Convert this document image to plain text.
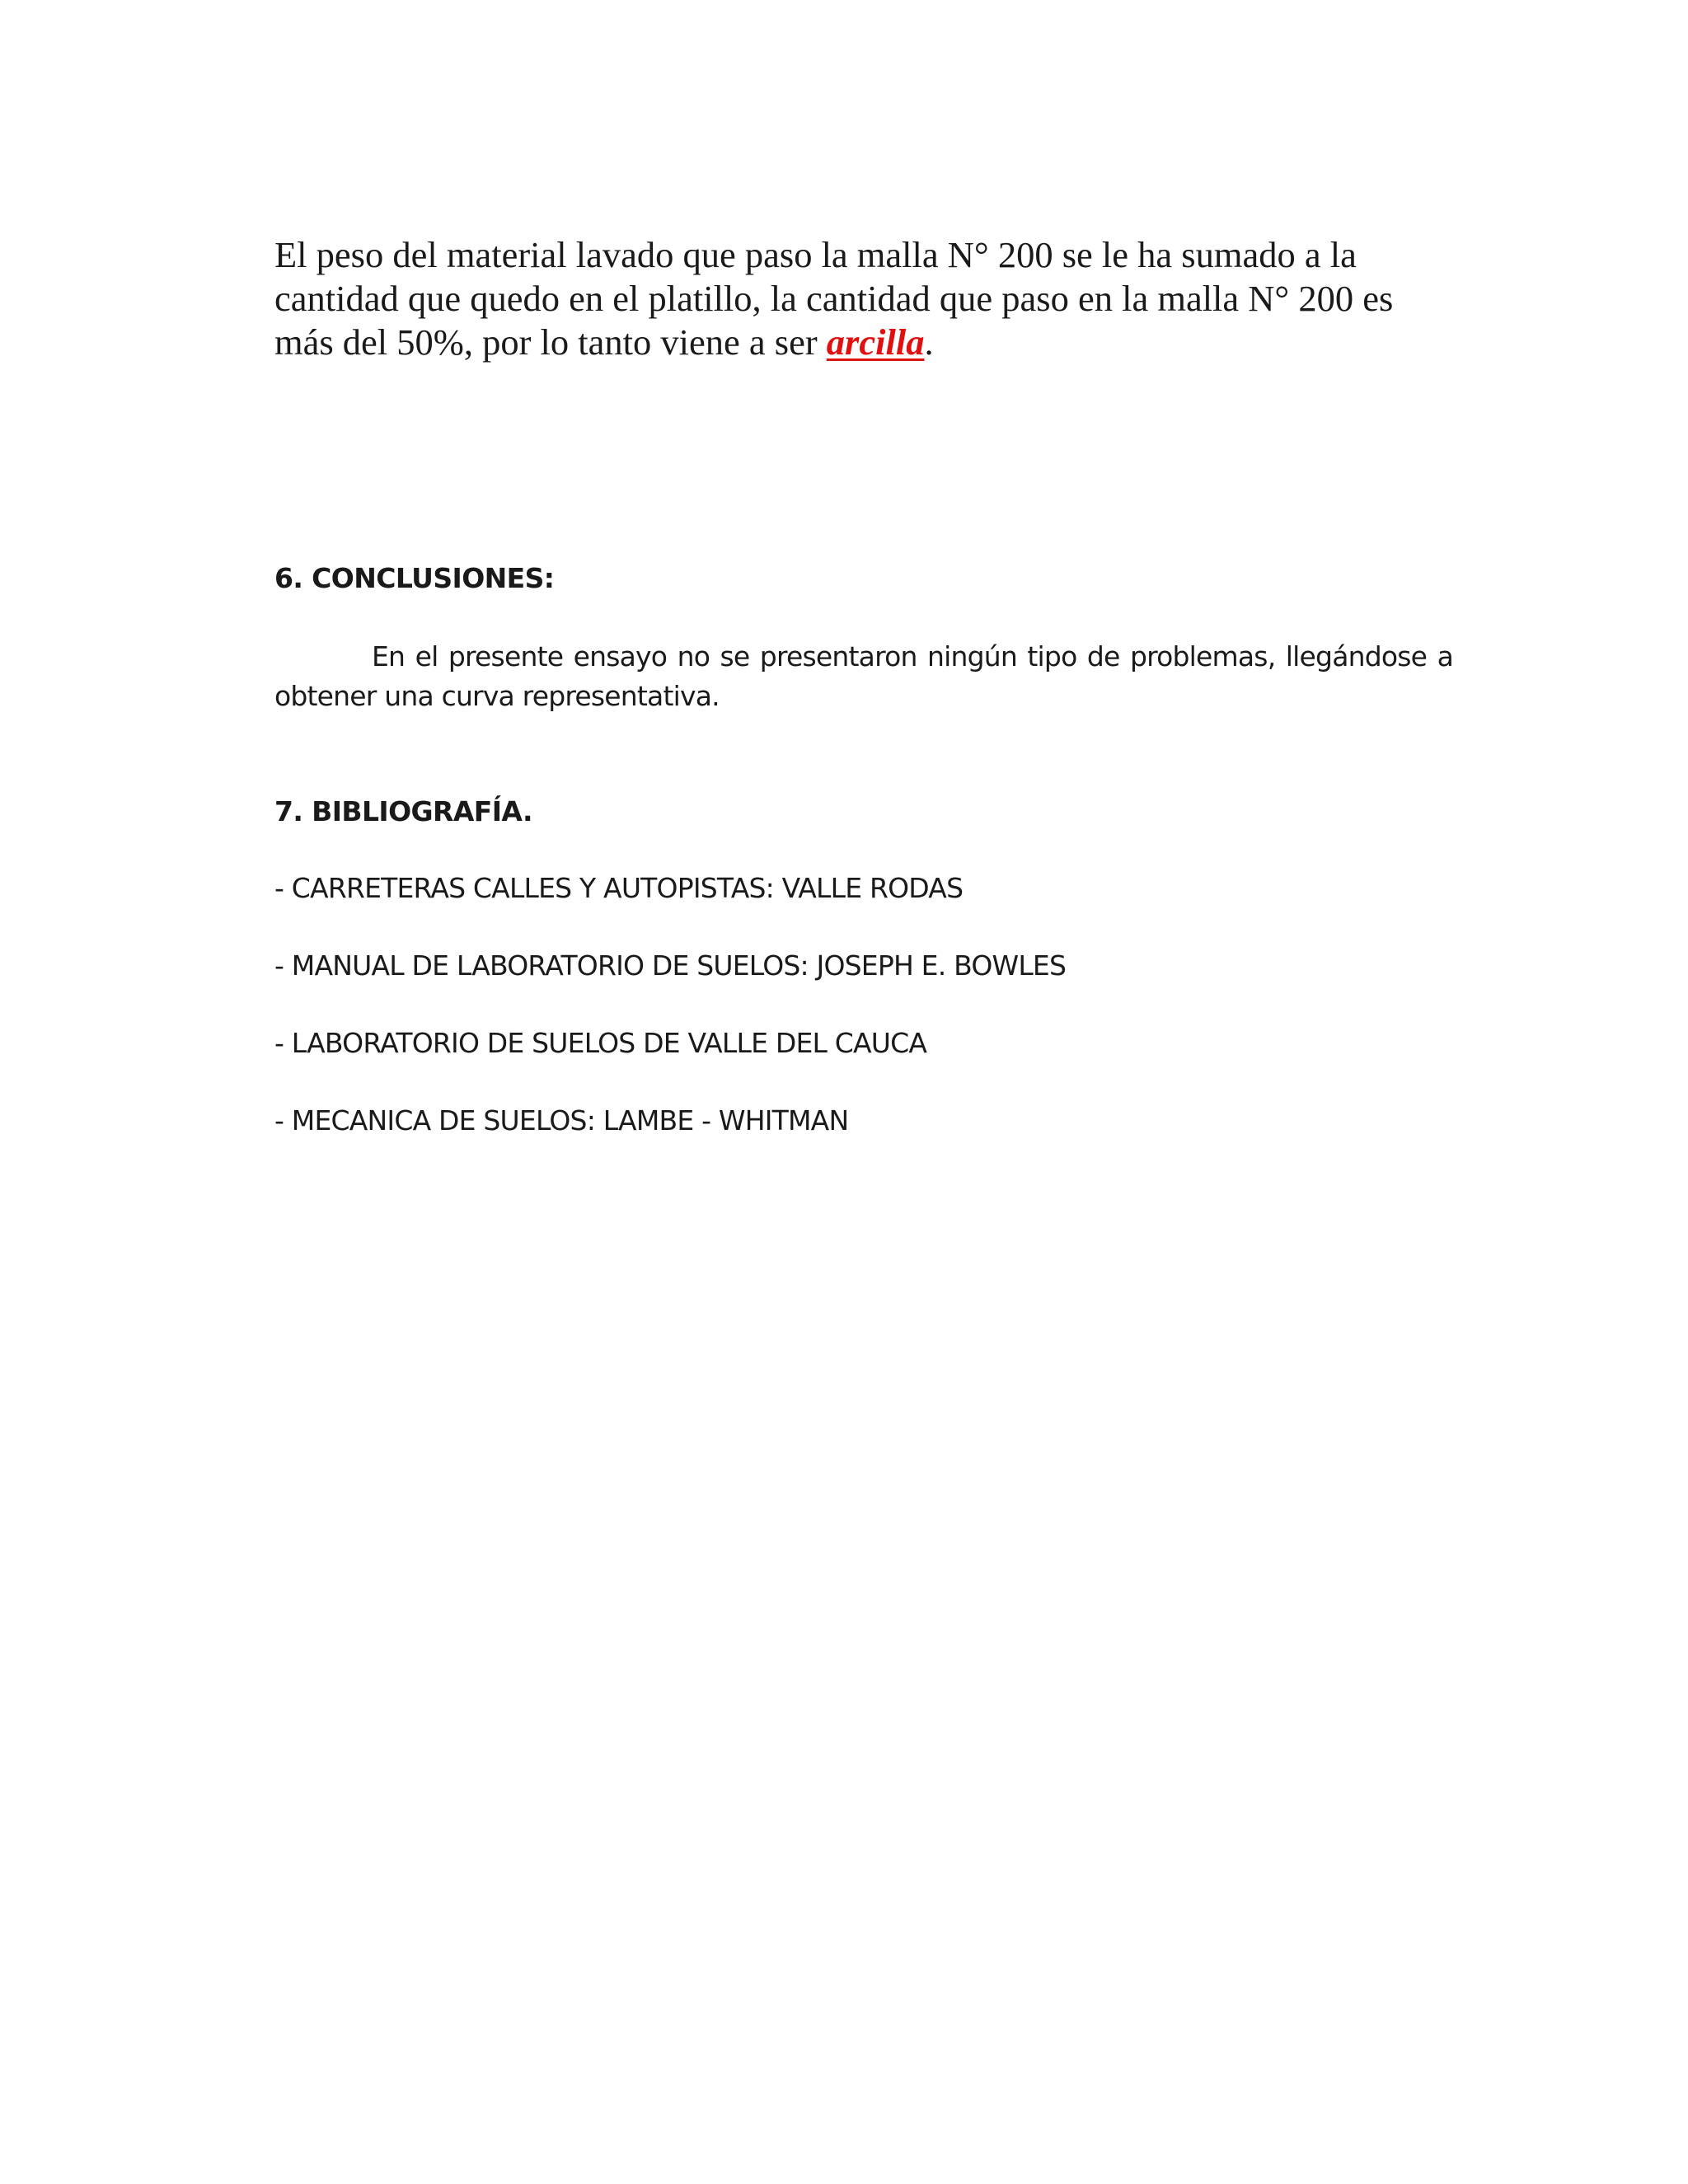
El peso del material lavado que paso la malla N° 200 se le ha sumado a la cantidad que quedo en el platillo, la cantidad que paso en la malla N° 200 es más del 50%, por lo tanto viene a ser arcilla.

6. CONCLUSIONES:

En el presente ensayo no se presentaron ningún tipo de problemas, llegándose a obtener una curva representativa.

7. BIBLIOGRAFÍA.
- CARRETERAS CALLES Y AUTOPISTAS: VALLE RODAS
- MANUAL DE LABORATORIO DE SUELOS: JOSEPH E. BOWLES
- LABORATORIO DE SUELOS DE VALLE DEL CAUCA
- MECANICA DE SUELOS: LAMBE - WHITMAN
